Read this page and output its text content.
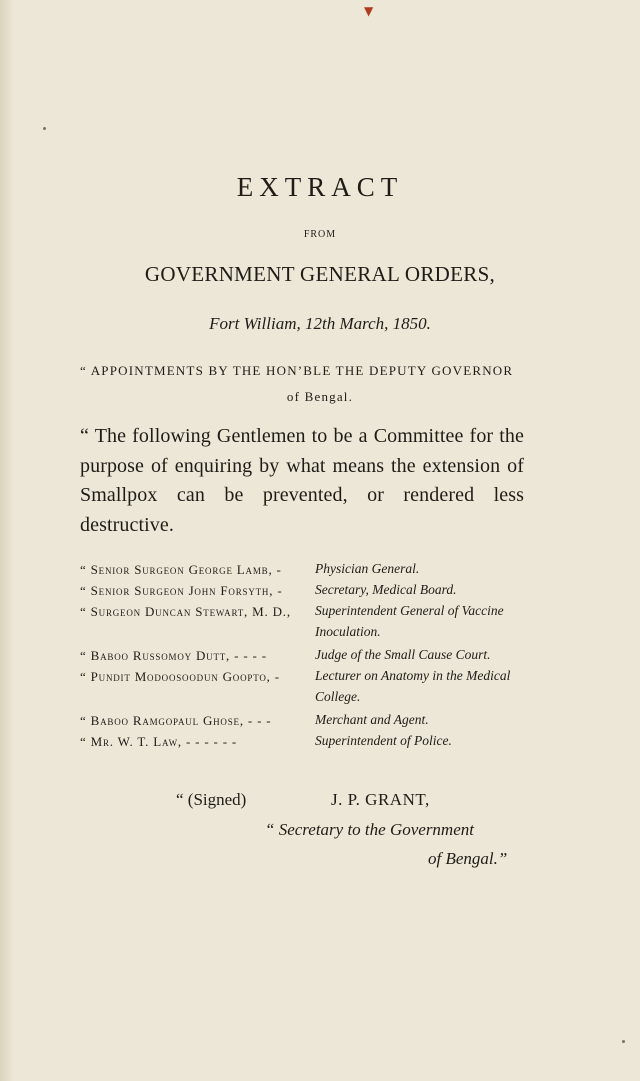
▼
EXTRACT

FROM

GOVERNMENT GENERAL ORDERS,

Fort William, 12th March, 1850.

“ APPOINTMENTS BY THE HON’BLE THE DEPUTY GOVERNOR

of Bengal.

“ The following Gentlemen to be a Committee for the purpose of enquiring by what means the extension of Smallpox can be prevented, or rendered less destructive.

“ Senior Surgeon George Lamb, - Physician General.

“ Senior Surgeon John Forsyth, - Secretary, Medical Board.

“ Surgeon Duncan Stewart, M. D., Superintendent General of Vaccine Inoculation.

“ Baboo Russomoy Dutt, - - - -	Judge of the Small Cause Court.

“ Pundit Modoosoodun Goopto, -	Lecturer on Anatomy in the Medical College.

“ Baboo Ramgopaul Ghose, - - -	Merchant and Agent.

“ Mr. W. T. Law, - - - - - -	Superintendent of Police.

“ (Signed)	J. P. GRANT,

“ Secretary to the Government

of Bengal.”
